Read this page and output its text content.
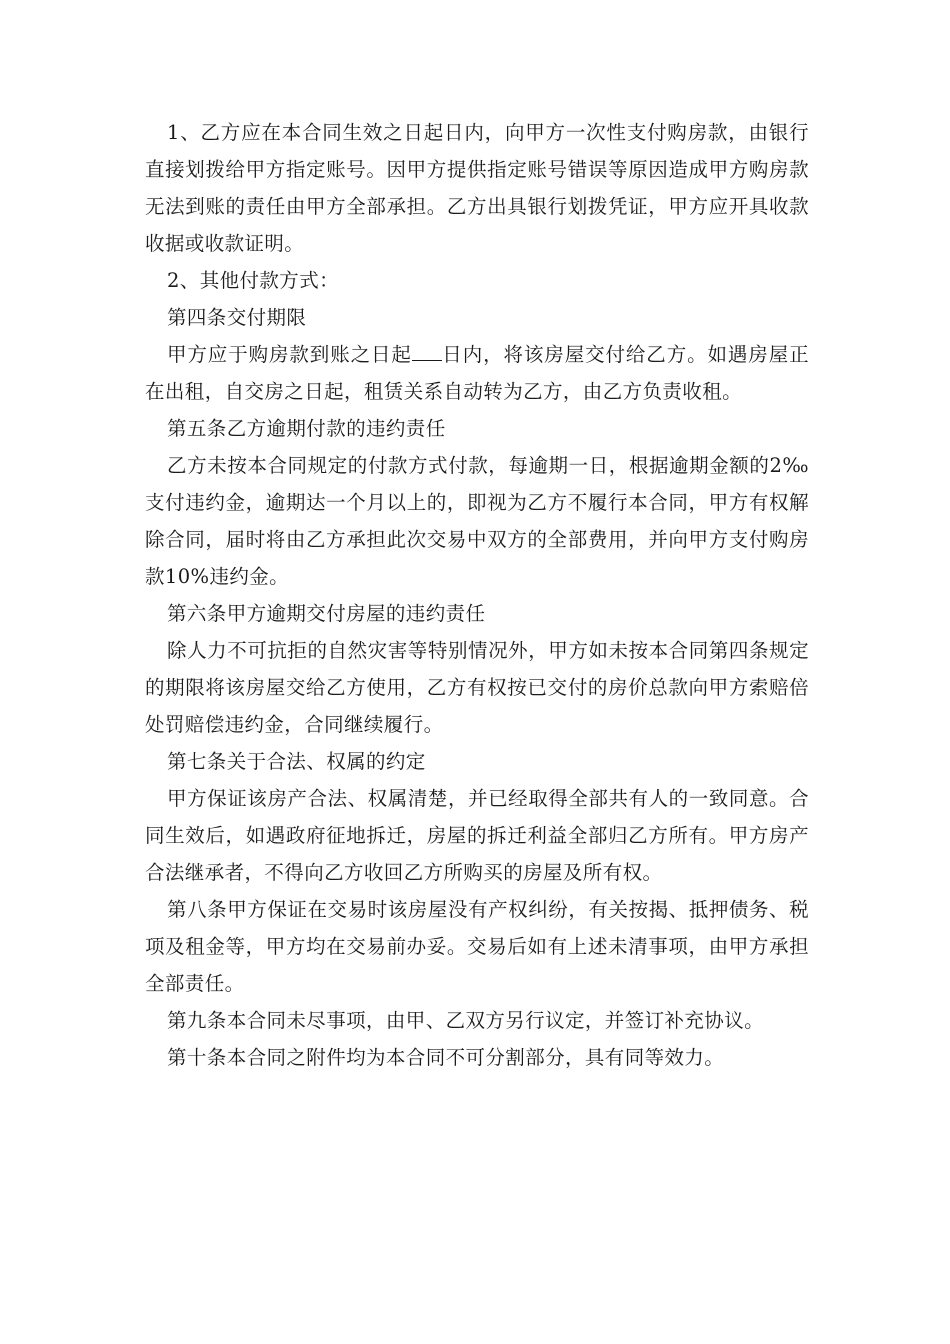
1、乙方应在本合同生效之日起日内，向甲方一次性支付购房款，由银行直接划拨给甲方指定账号。因甲方提供指定账号错误等原因造成甲方购房款无法到账的责任由甲方全部承担。乙方出具银行划拨凭证，甲方应开具收款收据或收款证明。

2、其他付款方式：

第四条交付期限

甲方应于购房款到账之日起 日内，将该房屋交付给乙方。如遇房屋正在出租，自交房之日起，租赁关系自动转为乙方，由乙方负责收租。

第五条乙方逾期付款的违约责任

乙方未按本合同规定的付款方式付款，每逾期一日，根据逾期金额的2‰支付违约金，逾期达一个月以上的，即视为乙方不履行本合同，甲方有权解除合同，届时将由乙方承担此次交易中双方的全部费用，并向甲方支付购房款10%违约金。

第六条甲方逾期交付房屋的违约责任

除人力不可抗拒的自然灾害等特别情况外，甲方如未按本合同第四条规定的期限将该房屋交给乙方使用，乙方有权按已交付的房价总款向甲方索赔倍处罚赔偿违约金，合同继续履行。

第七条关于合法、权属的约定

甲方保证该房产合法、权属清楚，并已经取得全部共有人的一致同意。合同生效后，如遇政府征地拆迁，房屋的拆迁利益全部归乙方所有。甲方房产合法继承者，不得向乙方收回乙方所购买的房屋及所有权。

第八条甲方保证在交易时该房屋没有产权纠纷，有关按揭、抵押债务、税项及租金等，甲方均在交易前办妥。交易后如有上述未清事项，由甲方承担全部责任。

第九条本合同未尽事项，由甲、乙双方另行议定，并签订补充协议。

第十条本合同之附件均为本合同不可分割部分，具有同等效力。
